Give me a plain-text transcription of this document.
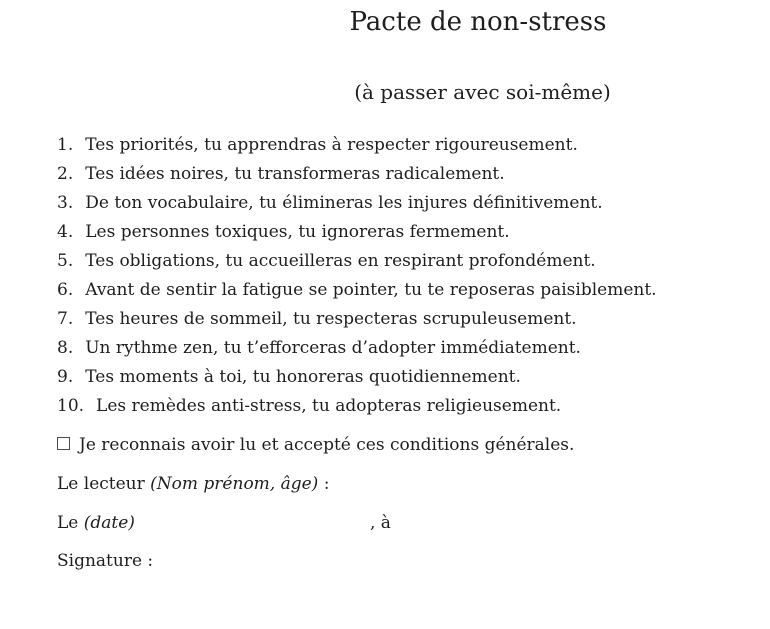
Pacte de non-stress
(à passer avec soi-même)
1. Tes priorités, tu apprendras à respecter rigoureusement.
2. Tes idées noires, tu transformeras radicalement.
3. De ton vocabulaire, tu élimineras les injures définitivement.
4. Les personnes toxiques, tu ignoreras fermement.
5. Tes obligations, tu accueilleras en respirant profondément.
6. Avant de sentir la fatigue se pointer, tu te reposeras paisiblement.
7. Tes heures de sommeil, tu respecteras scrupuleusement.
8. Un rythme zen, tu t’efforceras d’adopter immédiatement.
9. Tes moments à toi, tu honoreras quotidiennement.
10. Les remèdes anti-stress, tu adopteras religieusement.
Je reconnais avoir lu et accepté ces conditions générales.
Le lecteur (Nom prénom, âge) :
Le (date)	, à
Signature :
